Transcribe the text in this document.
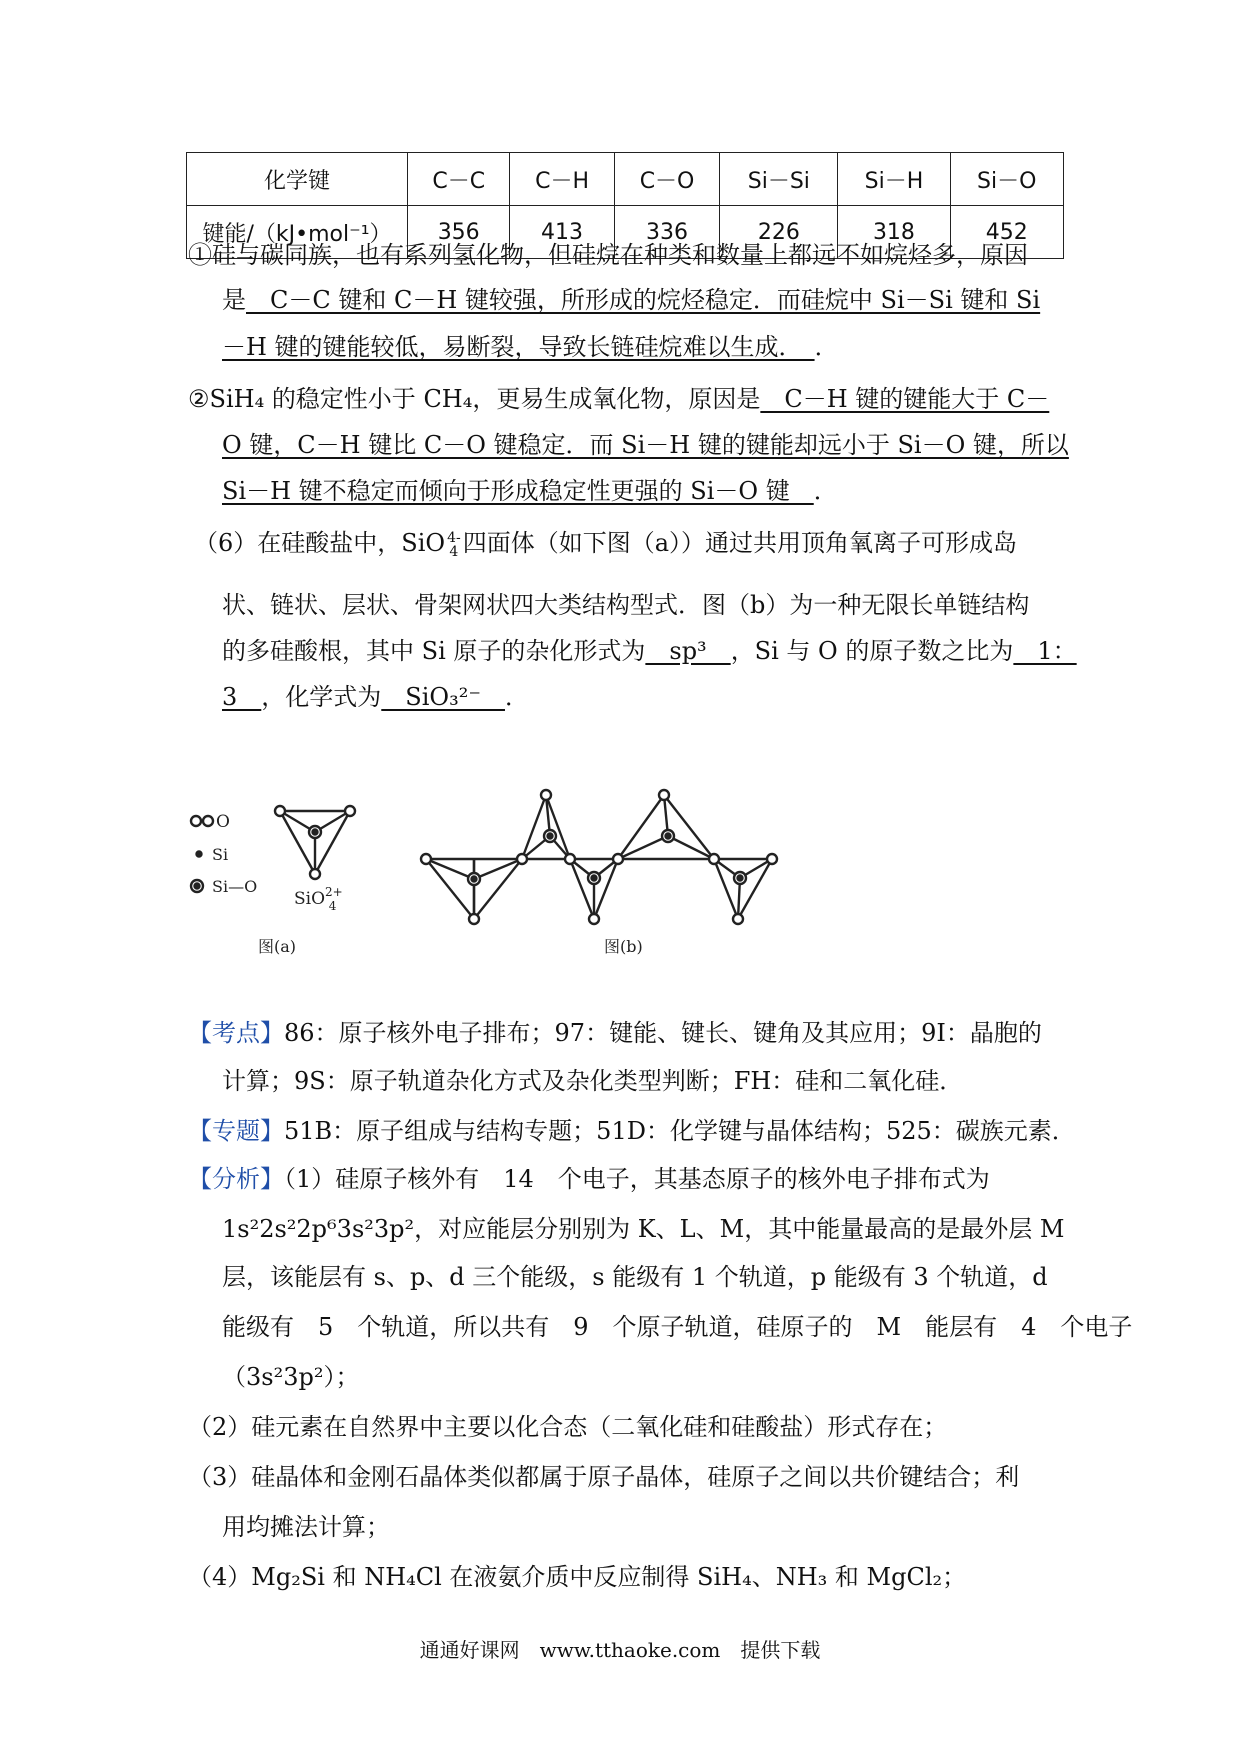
化学键	C－C	C－H	C－O	Si－Si	Si－H	Si－O
键能/（kJ•mol⁻¹）	356	413	336	226	318	452
①硅与碳同族，也有系列氢化物，但硅烷在种类和数量上都远不如烷烃多，原因
是　C－C 键和 C－H 键较强，所形成的烷烃稳定．而硅烷中 Si－Si 键和 Si
－H 键的键能较低，易断裂，导致长链硅烷难以生成．　．
②SiH₄ 的稳定性小于 CH₄，更易生成氧化物，原因是　C－H 键的键能大于 C－
O 键，C－H 键比 C－O 键稳定．而 Si－H 键的键能却远小于 Si－O 键，所以
Si－H 键不稳定而倾向于形成稳定性更强的 Si－O 键　．
（6）在硅酸盐中，SiO 4-
4 四面体（如下图（a））通过共用顶角氧离子可形成岛
状、链状、层状、骨架网状四大类结构型式．图（b）为一种无限长单链结构
的多硅酸根，其中 Si 原子的杂化形式为　sp³　，Si 与 O 的原子数之比为　1：
3　，化学式为　SiO₃²⁻　．
O
Si
Si—O
SiO$^{2+}$ 4
图(a)	图(b)
【考点】86：原子核外电子排布；97：键能、键长、键角及其应用；9I：晶胞的
计算；9S：原子轨道杂化方式及杂化类型判断；FH：硅和二氧化硅．
【专题】51B：原子组成与结构专题；51D：化学键与晶体结构；525：碳族元素．
【分析】（1）硅原子核外有　14　个电子，其基态原子的核外电子排布式为
1s²2s²2p⁶3s²3p²，对应能层分别别为 K、L、M，其中能量最高的是最外层 M
层，该能层有 s、p、d 三个能级，s 能级有 1 个轨道，p 能级有 3 个轨道，d
能级有　5　个轨道，所以共有　9　个原子轨道，硅原子的　M　能层有　4　个电子
（3s²3p²）；
（2）硅元素在自然界中主要以化合态（二氧化硅和硅酸盐）形式存在；
（3）硅晶体和金刚石晶体类似都属于原子晶体，硅原子之间以共价键结合；利
用均摊法计算；
（4）Mg₂Si 和 NH₄Cl 在液氨介质中反应制得 SiH₄、NH₃ 和 MgCl₂；
通通好课网　www.tthaoke.com　提供下载
